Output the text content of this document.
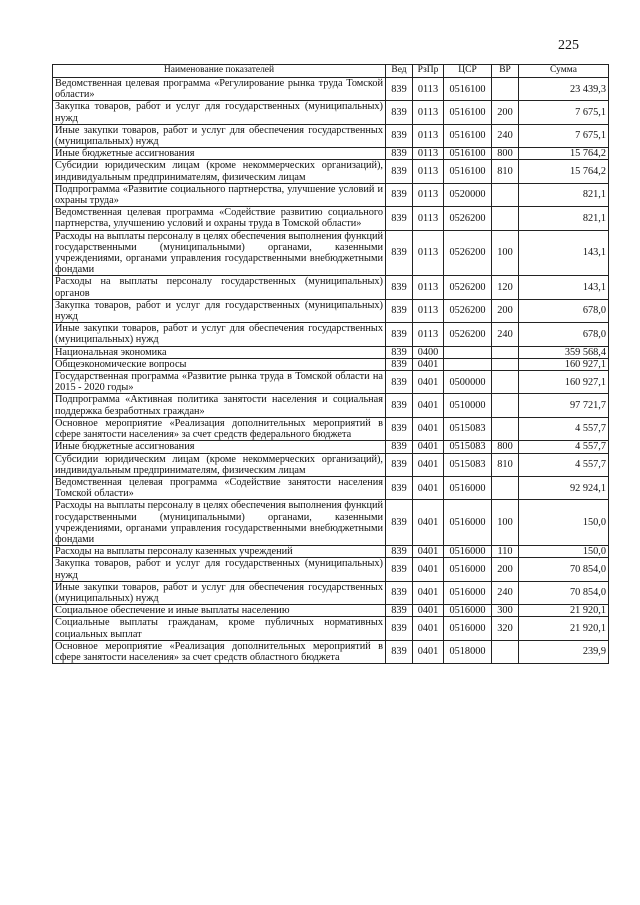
225
Наименование показателей	Вед	РзПр	ЦСР	ВР	Сумма
Ведомственная целевая программа «Регулирование рынка труда Томской области»	839	0113	0516100		23 439,3
Закупка товаров, работ и услуг для государственных (муниципальных) нужд	839	0113	0516100	200	7 675,1
Иные закупки товаров, работ и услуг для обеспечения государственных (муниципальных) нужд	839	0113	0516100	240	7 675,1
Иные бюджетные ассигнования	839	0113	0516100	800	15 764,2
Субсидии юридическим лицам (кроме некоммерческих организаций), индивидуальным предпринимателям, физическим лицам	839	0113	0516100	810	15 764,2
Подпрограмма «Развитие социального партнерства, улучшение условий и охраны труда»	839	0113	0520000		821,1
Ведомственная целевая программа «Содействие развитию социального партнерства, улучшению условий и охраны труда в Томской области»	839	0113	0526200		821,1
Расходы на выплаты персоналу в целях обеспечения выполнения функций государственными (муниципальными) органами, казенными учреждениями, органами управления государственными внебюджетными фондами	839	0113	0526200	100	143,1
Расходы на выплаты персоналу государственных (муниципальных) органов	839	0113	0526200	120	143,1
Закупка товаров, работ и услуг для государственных (муниципальных) нужд	839	0113	0526200	200	678,0
Иные закупки товаров, работ и услуг для обеспечения государственных (муниципальных) нужд	839	0113	0526200	240	678,0
Национальная экономика	839	0400			359 568,4
Общеэкономические вопросы	839	0401			160 927,1
Государственная программа «Развитие рынка труда в Томской области на 2015 - 2020 годы»	839	0401	0500000		160 927,1
Подпрограмма «Активная политика занятости населения и социальная поддержка безработных граждан»	839	0401	0510000		97 721,7
Основное мероприятие «Реализация дополнительных мероприятий в сфере занятости населения» за счет средств федерального бюджета	839	0401	0515083		4 557,7
Иные бюджетные ассигнования	839	0401	0515083	800	4 557,7
Субсидии юридическим лицам (кроме некоммерческих организаций), индивидуальным предпринимателям, физическим лицам	839	0401	0515083	810	4 557,7
Ведомственная целевая программа «Содействие занятости населения Томской области»	839	0401	0516000		92 924,1
Расходы на выплаты персоналу в целях обеспечения выполнения функций государственными (муниципальными) органами, казенными учреждениями, органами управления государственными внебюджетными фондами	839	0401	0516000	100	150,0
Расходы на выплаты персоналу казенных учреждений	839	0401	0516000	110	150,0
Закупка товаров, работ и услуг для государственных (муниципальных) нужд	839	0401	0516000	200	70 854,0
Иные закупки товаров, работ и услуг для обеспечения государственных (муниципальных) нужд	839	0401	0516000	240	70 854,0
Социальное обеспечение и иные выплаты населению	839	0401	0516000	300	21 920,1
Социальные выплаты гражданам, кроме публичных нормативных социальных выплат	839	0401	0516000	320	21 920,1
Основное мероприятие «Реализация дополнительных мероприятий в сфере занятости населения» за счет средств областного бюджета	839	0401	0518000		239,9
